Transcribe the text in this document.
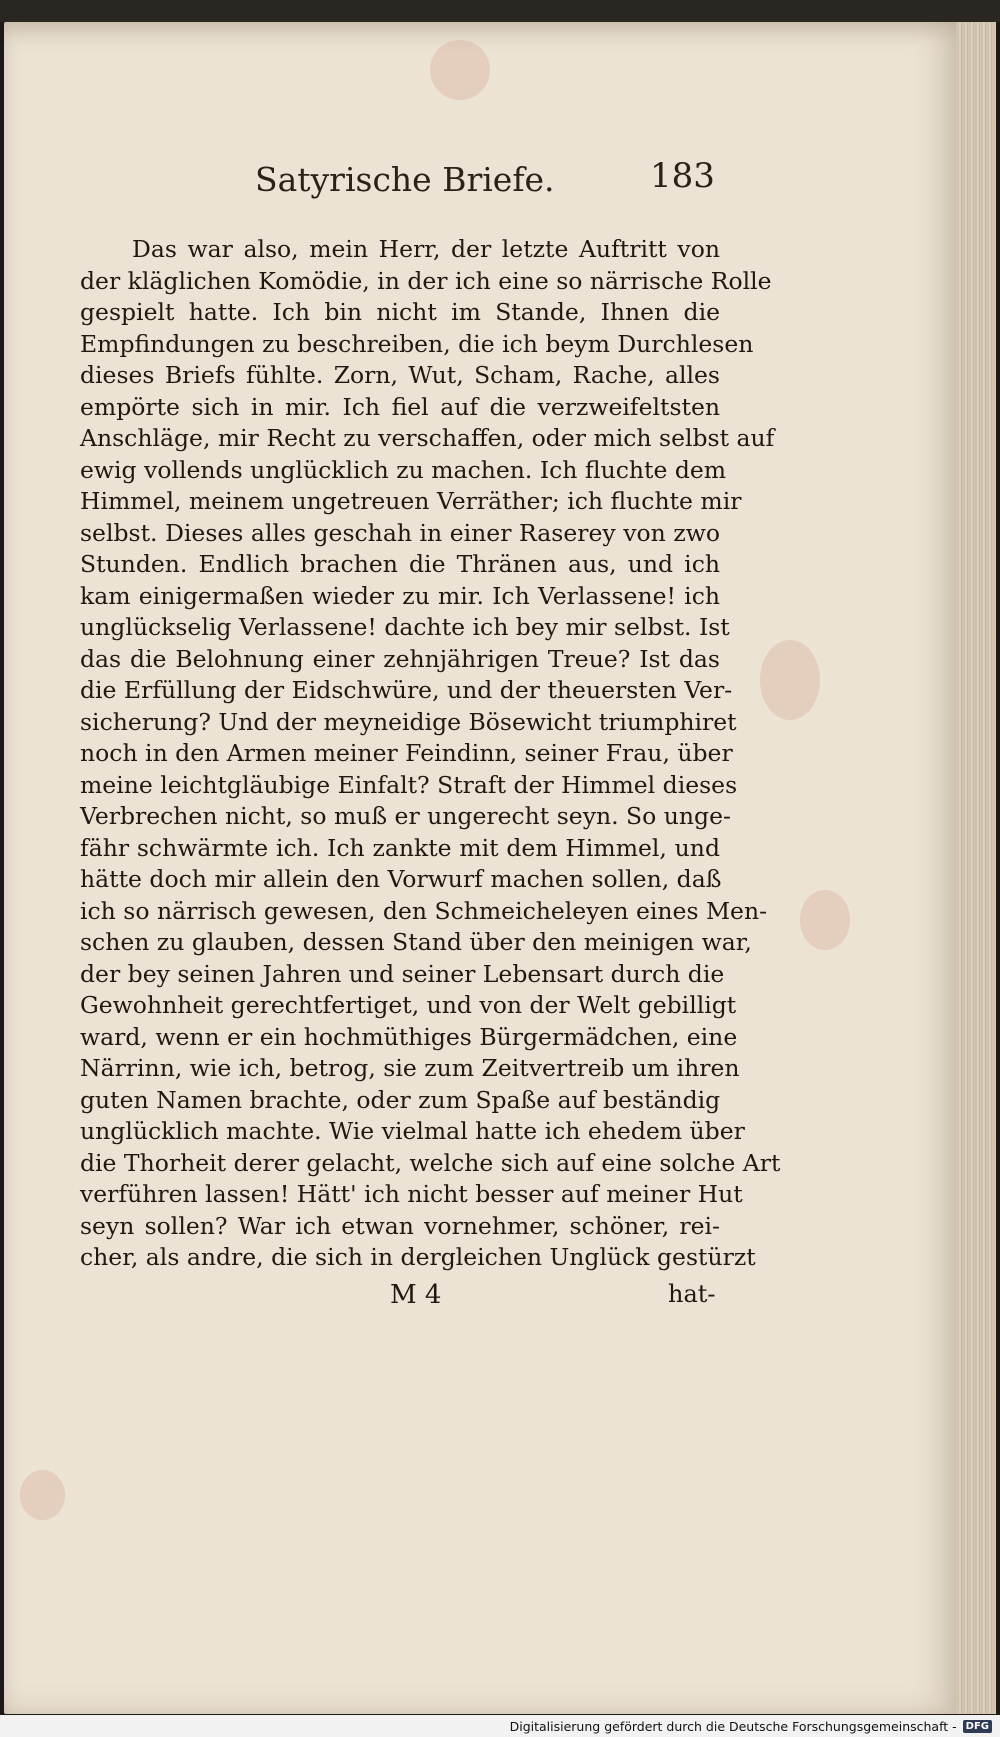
Satyrische Briefe.	183
Das war also, mein Herr, der letzte Auftritt von
der kläglichen Komödie, in der ich eine so närrische Rolle
gespielt hatte. Ich bin nicht im Stande, Ihnen die
Empfindungen zu beschreiben, die ich beym Durchlesen
dieses Briefs fühlte. Zorn, Wut, Scham, Rache, alles
empörte sich in mir. Ich fiel auf die verzweifeltsten
Anschläge, mir Recht zu verschaffen, oder mich selbst auf
ewig vollends unglücklich zu machen. Ich fluchte dem
Himmel, meinem ungetreuen Verräther; ich fluchte mir
selbst. Dieses alles geschah in einer Raserey von zwo
Stunden. Endlich brachen die Thränen aus, und ich
kam einigermaßen wieder zu mir. Ich Verlassene! ich
unglückselig Verlassene! dachte ich bey mir selbst. Ist
das die Belohnung einer zehnjährigen Treue? Ist das
die Erfüllung der Eidschwüre, und der theuersten Ver-
sicherung? Und der meyneidige Bösewicht triumphiret
noch in den Armen meiner Feindinn, seiner Frau, über
meine leichtgläubige Einfalt? Straft der Himmel dieses
Verbrechen nicht, so muß er ungerecht seyn. So unge-
fähr schwärmte ich. Ich zankte mit dem Himmel, und
hätte doch mir allein den Vorwurf machen sollen, daß
ich so närrisch gewesen, den Schmeicheleyen eines Men-
schen zu glauben, dessen Stand über den meinigen war,
der bey seinen Jahren und seiner Lebensart durch die
Gewohnheit gerechtfertiget, und von der Welt gebilligt
ward, wenn er ein hochmüthiges Bürgermädchen, eine
Närrinn, wie ich, betrog, sie zum Zeitvertreib um ihren
guten Namen brachte, oder zum Spaße auf beständig
unglücklich machte. Wie vielmal hatte ich ehedem über
die Thorheit derer gelacht, welche sich auf eine solche Art
verführen lassen! Hätt' ich nicht besser auf meiner Hut
seyn sollen? War ich etwan vornehmer, schöner, rei-
cher, als andre, die sich in dergleichen Unglück gestürzt
M 4	hat-
Digitalisierung gefördert durch die Deutsche Forschungsgemeinschaft - DFG
